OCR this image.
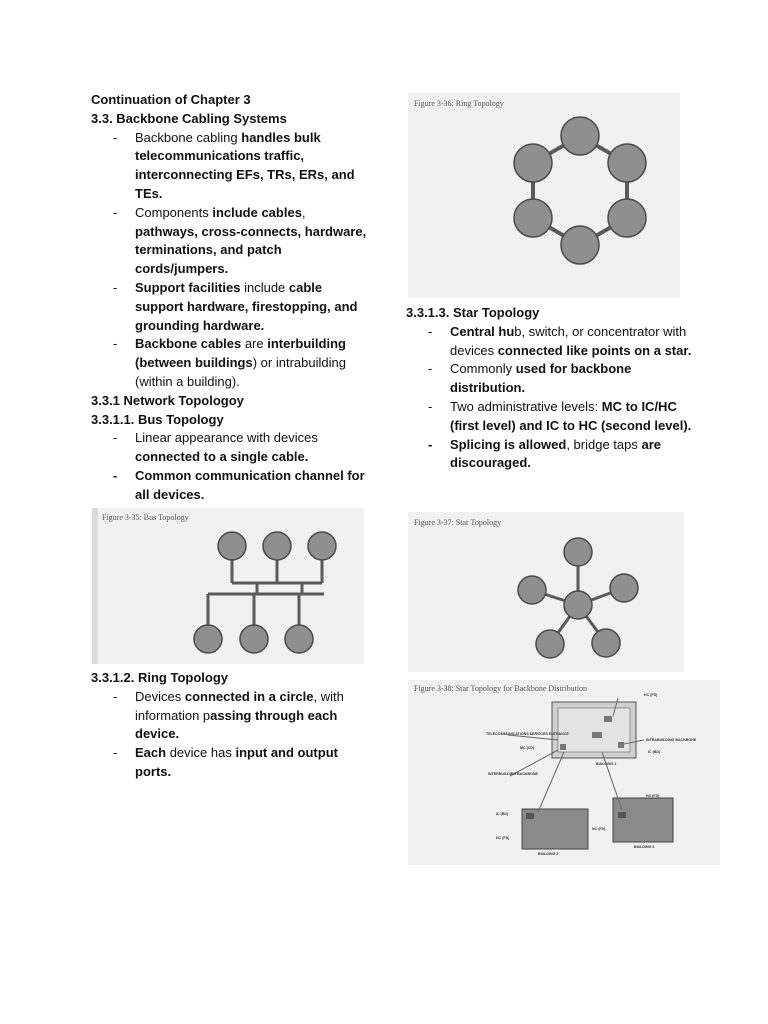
Continuation of Chapter 3

3.3. Backbone Cabling Systems

- Backbone cabling handles bulk telecommunications traffic, interconnecting EFs, TRs, ERs, and TEs.

- Components include cables, pathways, cross-connects, hardware, terminations, and patch cords/jumpers.

- Support facilities include cable support hardware, firestopping, and grounding hardware.

- Backbone cables are interbuilding (between buildings) or intrabuilding (within a building).

3.3.1 Network Topologoy

3.3.1.1. Bus Topology

- Linear appearance with devices connected to a single cable.

- Common communication channel for all devices.

3.3.1.2. Ring Topology

- Devices connected in a circle, with information passing through each device.

- Each device has input and output ports.

3.3.1.3. Star Topology

- Central hub, switch, or concentrator with devices connected like points on a star.

- Commonly used for backbone distribution.

- Two administrative levels: MC to IC/HC (first level) and IC to HC (second level).

- Splicing is allowed, bridge taps are discouraged.

Figure 3-36: Ring Topology
Figure 3-35: Bus Topology
Figure 3-37: Star Topology
Figure 3-38: Star Topology for Backbone Distribution
HC (FD)
TELECOMMUNICATIONS SERVICES ENTRANCE
MC (CD)
INTRABUILDING BACKBONE
IC (BD)
BUILDING 1
INTERBUILDING BACKBONE
IC (BD)
HC (FD)
HC (FD)
BUILDING 2
HC (FD)
BUILDING 3
